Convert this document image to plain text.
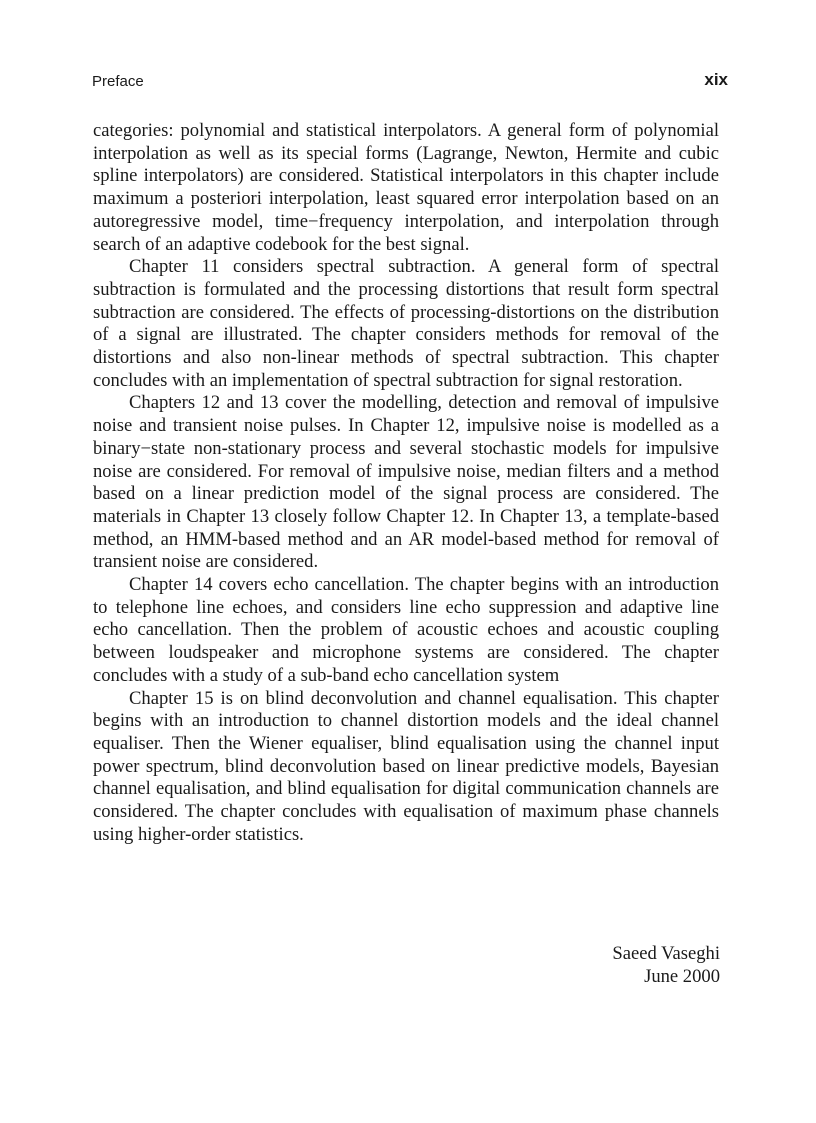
Preface	xix

categories: polynomial and statistical interpolators. A general form of polynomial interpolation as well as its special forms (Lagrange, Newton, Hermite and cubic spline interpolators) are considered. Statistical interpolators in this chapter include maximum a posteriori interpolation, least squared error interpolation based on an autoregressive model, time−frequency interpolation, and interpolation through search of an adaptive codebook for the best signal.

Chapter 11 considers spectral subtraction. A general form of spectral subtraction is formulated and the processing distortions that result form spectral subtraction are considered. The effects of processing-distortions on the distribution of a signal are illustrated. The chapter considers methods for removal of the distortions and also non-linear methods of spectral subtraction. This chapter concludes with an implementation of spectral subtraction for signal restoration.

Chapters 12 and 13 cover the modelling, detection and removal of impulsive noise and transient noise pulses. In Chapter 12, impulsive noise is modelled as a binary−state non-stationary process and several stochastic models for impulsive noise are considered. For removal of impulsive noise, median filters and a method based on a linear prediction model of the signal process are considered. The materials in Chapter 13 closely follow Chapter 12. In Chapter 13, a template-based method, an HMM-based method and an AR model-based method for removal of transient noise are considered.

Chapter 14 covers echo cancellation. The chapter begins with an introduction to telephone line echoes, and considers line echo suppression and adaptive line echo cancellation. Then the problem of acoustic echoes and acoustic coupling between loudspeaker and microphone systems are considered. The chapter concludes with a study of a sub-band echo cancellation system

Chapter 15 is on blind deconvolution and channel equalisation. This chapter begins with an introduction to channel distortion models and the ideal channel equaliser. Then the Wiener equaliser, blind equalisation using the channel input power spectrum, blind deconvolution based on linear predictive models, Bayesian channel equalisation, and blind equalisation for digital communication channels are considered. The chapter concludes with equalisation of maximum phase channels using higher-order statistics.

Saeed Vaseghi
June 2000
